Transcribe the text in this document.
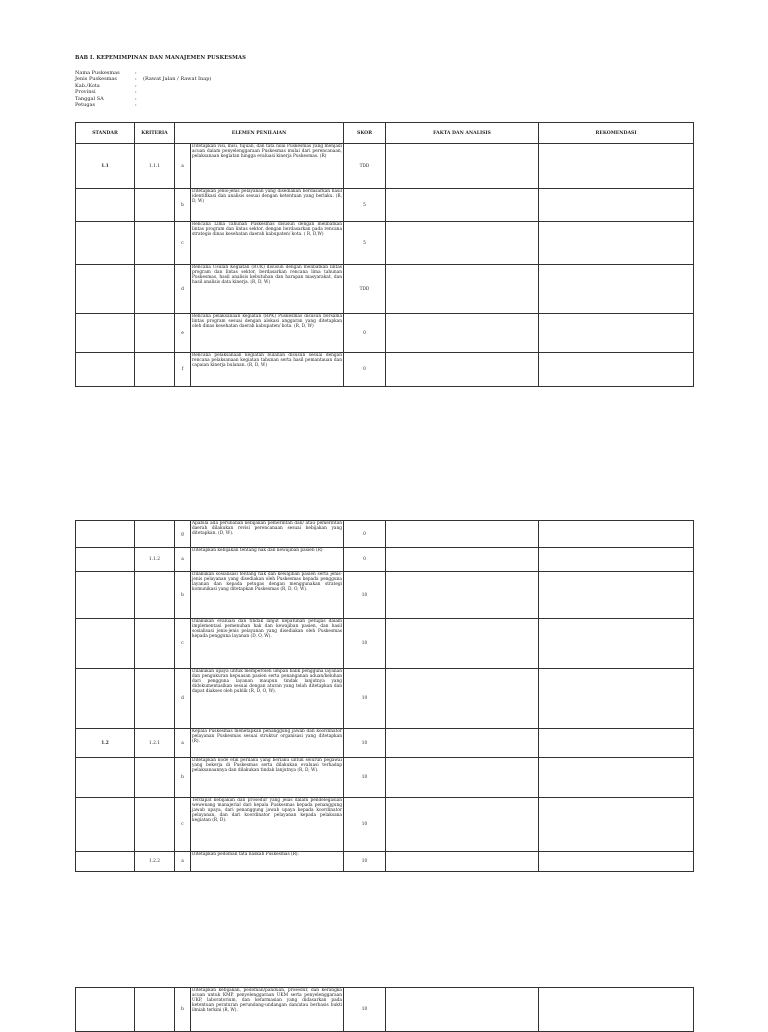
BAB I. KEPEMIMPINAN DAN MANAJEMEN PUSKESMAS
Nama Puskesmas	:
Jenis Puskesmas	:	(Rawat Jalan / Rawat Inap)
Kab./Kota	:
Provinsi	:
Tanggal SA	:
Petugas	:
STANDAR	KRITERIA	ELEMEN PENILAIAN		SKOR	FAKTA DAN ANALISIS	REKOMENDASI
1.1	1.1.1	a	Ditetapkan visi, misi, tujuan, dan tata nilai Puskesmas yang menjadi acuan dalam penyelenggaraan Puskesmas mulai dari perencanaan, pelaksanaan kegiatan hingga evaluasi kinerja Puskesmas. (R)	TDD		
		b	Ditetapkan jenis-jenis pelayanan yang disediakan berdasarkan hasil identifikasi dan analisis sesuai dengan ketentuan yang berlaku. (R, D, W)	5		
		c	Rencana Lima Tahunan Puskesmas disusun dengan melibatkan lintas program dan lintas sektor, dengan berdasarkan pada rencana strategis dinas kesehatan daerah kabupaten/ kota. ( R, D,W)	5		
		d	Rencana Usulan Kegiatan (RUK) disusun dengan melibatkan lintas program dan lintas sektor, berdasarkan rencana lima tahunan Puskesmas, hasil analisis kebutuhan dan harapan masyarakat, dan hasil analisis data kinerja. (R, D, W)	TDD		
		e	Rencana pelaksanaan kegiatan (RPK) Puskesmas disusun bersama lintas program sesuai dengan alokasi anggaran yang ditetapkan oleh dinas kesehatan daerah kabupaten/ kota. (R, D, W)	0		
		f	Rencana pelaksanaan kegiatan bulanan disusun sesuai dengan rencana pelaksanaan kegiatan tahunan serta hasil pemantauan dan capaian kinerja bulanan. (R, D, W)	0		
		g	Apabila ada perubahan kebijakan pemerintah dan/ atau pemerintah daerah dilakukan revisi perencanaan sesuai kebijakan yang ditetapkan. (D, W).	0		
	1.1.2	a	Ditetapkan kebijakan tentang hak dan kewajiban pasien (R)	0		
		b	Dilakukan sosialisasi tentang hak dan kewajiban pasien serta jenis-jenis pelayanan yang disediakan oleh Puskesmas kepada pengguna layanan dan kepada petugas dengan menggunakan strategi komunikasi yang ditetapkan Puskesmas (R, D, O, W).	10		
		c	Dilakukan evaluasi dan tindak lanjut kepatuhan petugas dalam implementasi pemenuhan hak dan kewajiban pasien, dan hasil sosialisasi jenis-jenis pelayanan yang disediakan oleh Puskesmas kepada pengguna layanan (D, O, W).	10		
		d	Dilakukan upaya untuk memperoleh umpan balik pengguna layanan dan pengukuran kepuasan pasien serta penanganan aduan/keluhan dari pengguna layanan maupun tindak lanjutnya yang didokumentasikan sesuai dengan aturan yang telah ditetapkan dan dapat diakses oleh publik (R, D, O, W).	10		
1.2	1.2.1	a	Kepala Puskesmas menetapkan penanggung jawab dan koordinator pelayanan Puskesmas sesuai struktur organisasi yang ditetapkan (R).	10		
		b	Ditetapkan kode etik perilaku yang berlaku untuk seluruh pegawai yang bekerja di Puskesmas serta dilakukan evaluasi terhadap pelaksanaannya dan dilakukan tindak lanjutnya (R, D, W).	10		
		c	Terdapat kebijakan dan prosedur yang jelas dalam pendelegasian wewenang manajerial dari kepala Puskesmas kepada penanggung jawab upaya, dari penanggung jawab upaya kepada koordinator pelayanan, dan dari koordinator pelayanan kepada pelaksana kegiatan (R, D).	10		
	1.2.2	a	Ditetapkan pedoman tata naskah Puskesmas (R).	10		
		b	Ditetapkan kebijakan, pedoman/panduan, prosedur, dan kerangka acuan untuk KMP, penyelenggaraan UKM serta penyelenggaraan UKP, laboratorium, dan kefarmasian yang didasarkan pada ketentuan peraturan perundang-undangan dan/atau berbasis bukti ilmiah terkini (R, W).	10		
